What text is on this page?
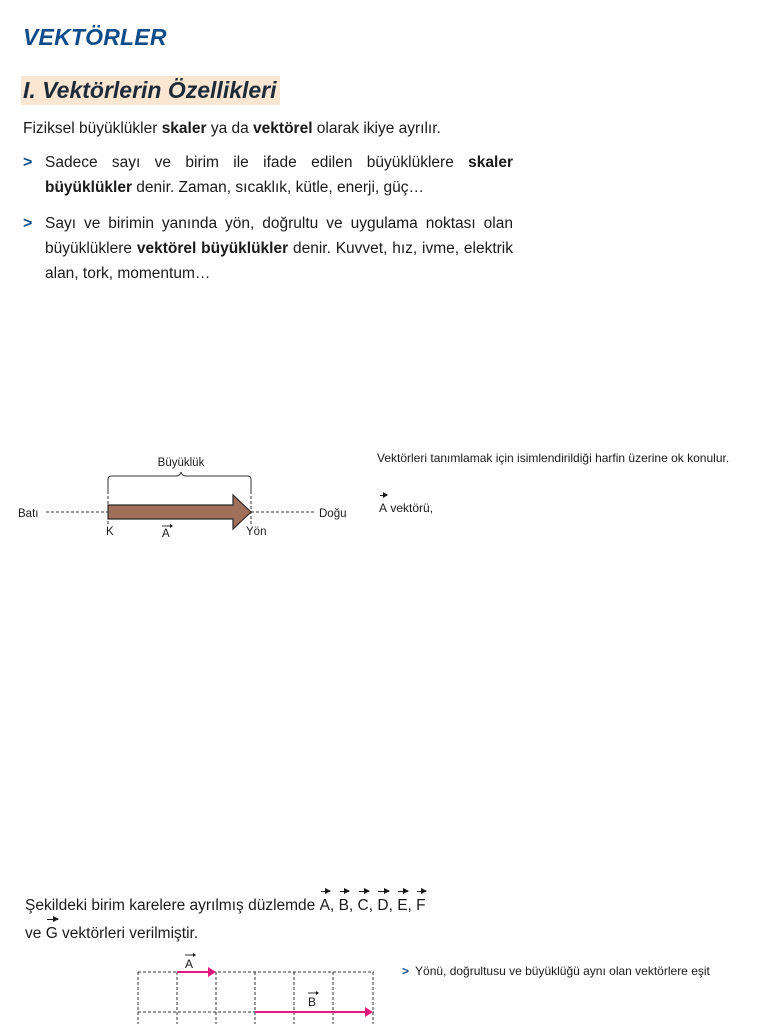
VEKTÖRLER
I. Vektörlerin Özellikleri
Fiziksel büyüklükler skaler ya da vektörel olarak ikiye ayrılır.
> Sadece sayı ve birim ile ifade edilen büyüklüklere skaler büyüklükler denir. Zaman, sıcaklık, kütle, enerji, güç…
> Sayı ve birimin yanında yön, doğrultu ve uygulama noktası olan büyüklüklere vektörel büyüklükler denir. Kuvvet, hız, ivme, elektrik alan, tork, momentum…
Büyüklük
Batı	Doğu
K	A	Yön
Vektörleri tanımlamak için isimlendirildiği harfin üzerine ok konulur.
A vektörü,
Şekildeki birim karelere ayrılmış düzlemde A, B, C, D, E, F
ve G vektörleri verilmiştir.
A
B
> Yönü, doğrultusu ve büyüklüğü aynı olan vektörlere eşit
